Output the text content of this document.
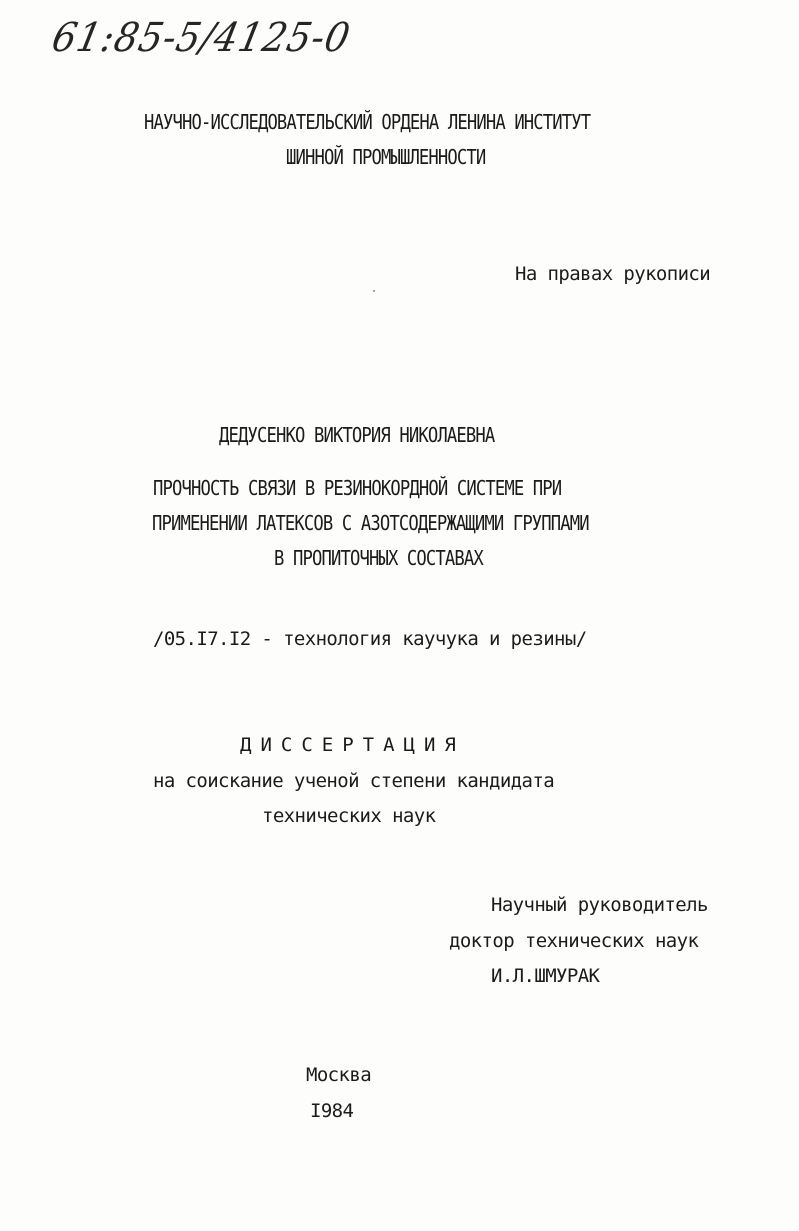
61:85-5/4125-0
НАУЧНО-ИССЛЕДОВАТЕЛЬСКИЙ ОРДЕНА ЛЕНИНА ИНСТИТУТ
ШИННОЙ ПРОМЫШЛЕННОСТИ
На правах рукописи
ДЕДУСЕНКО ВИКТОРИЯ НИКОЛАЕВНА
ПРОЧНОСТЬ СВЯЗИ В РЕЗИНОКОРДНОЙ СИСТЕМЕ ПРИ
ПРИМЕНЕНИИ ЛАТЕКСОВ С АЗОТСОДЕРЖАЩИМИ ГРУППАМИ
В ПРОПИТОЧНЫХ СОСТАВАХ
/05.I7.I2 - технология каучука и резины/
ДИССЕРТАЦИЯ
на соискание ученой степени кандидата
технических наук
Научный руководитель
доктор технических наук
И.Л.ШМУРАК
Москва
I984
